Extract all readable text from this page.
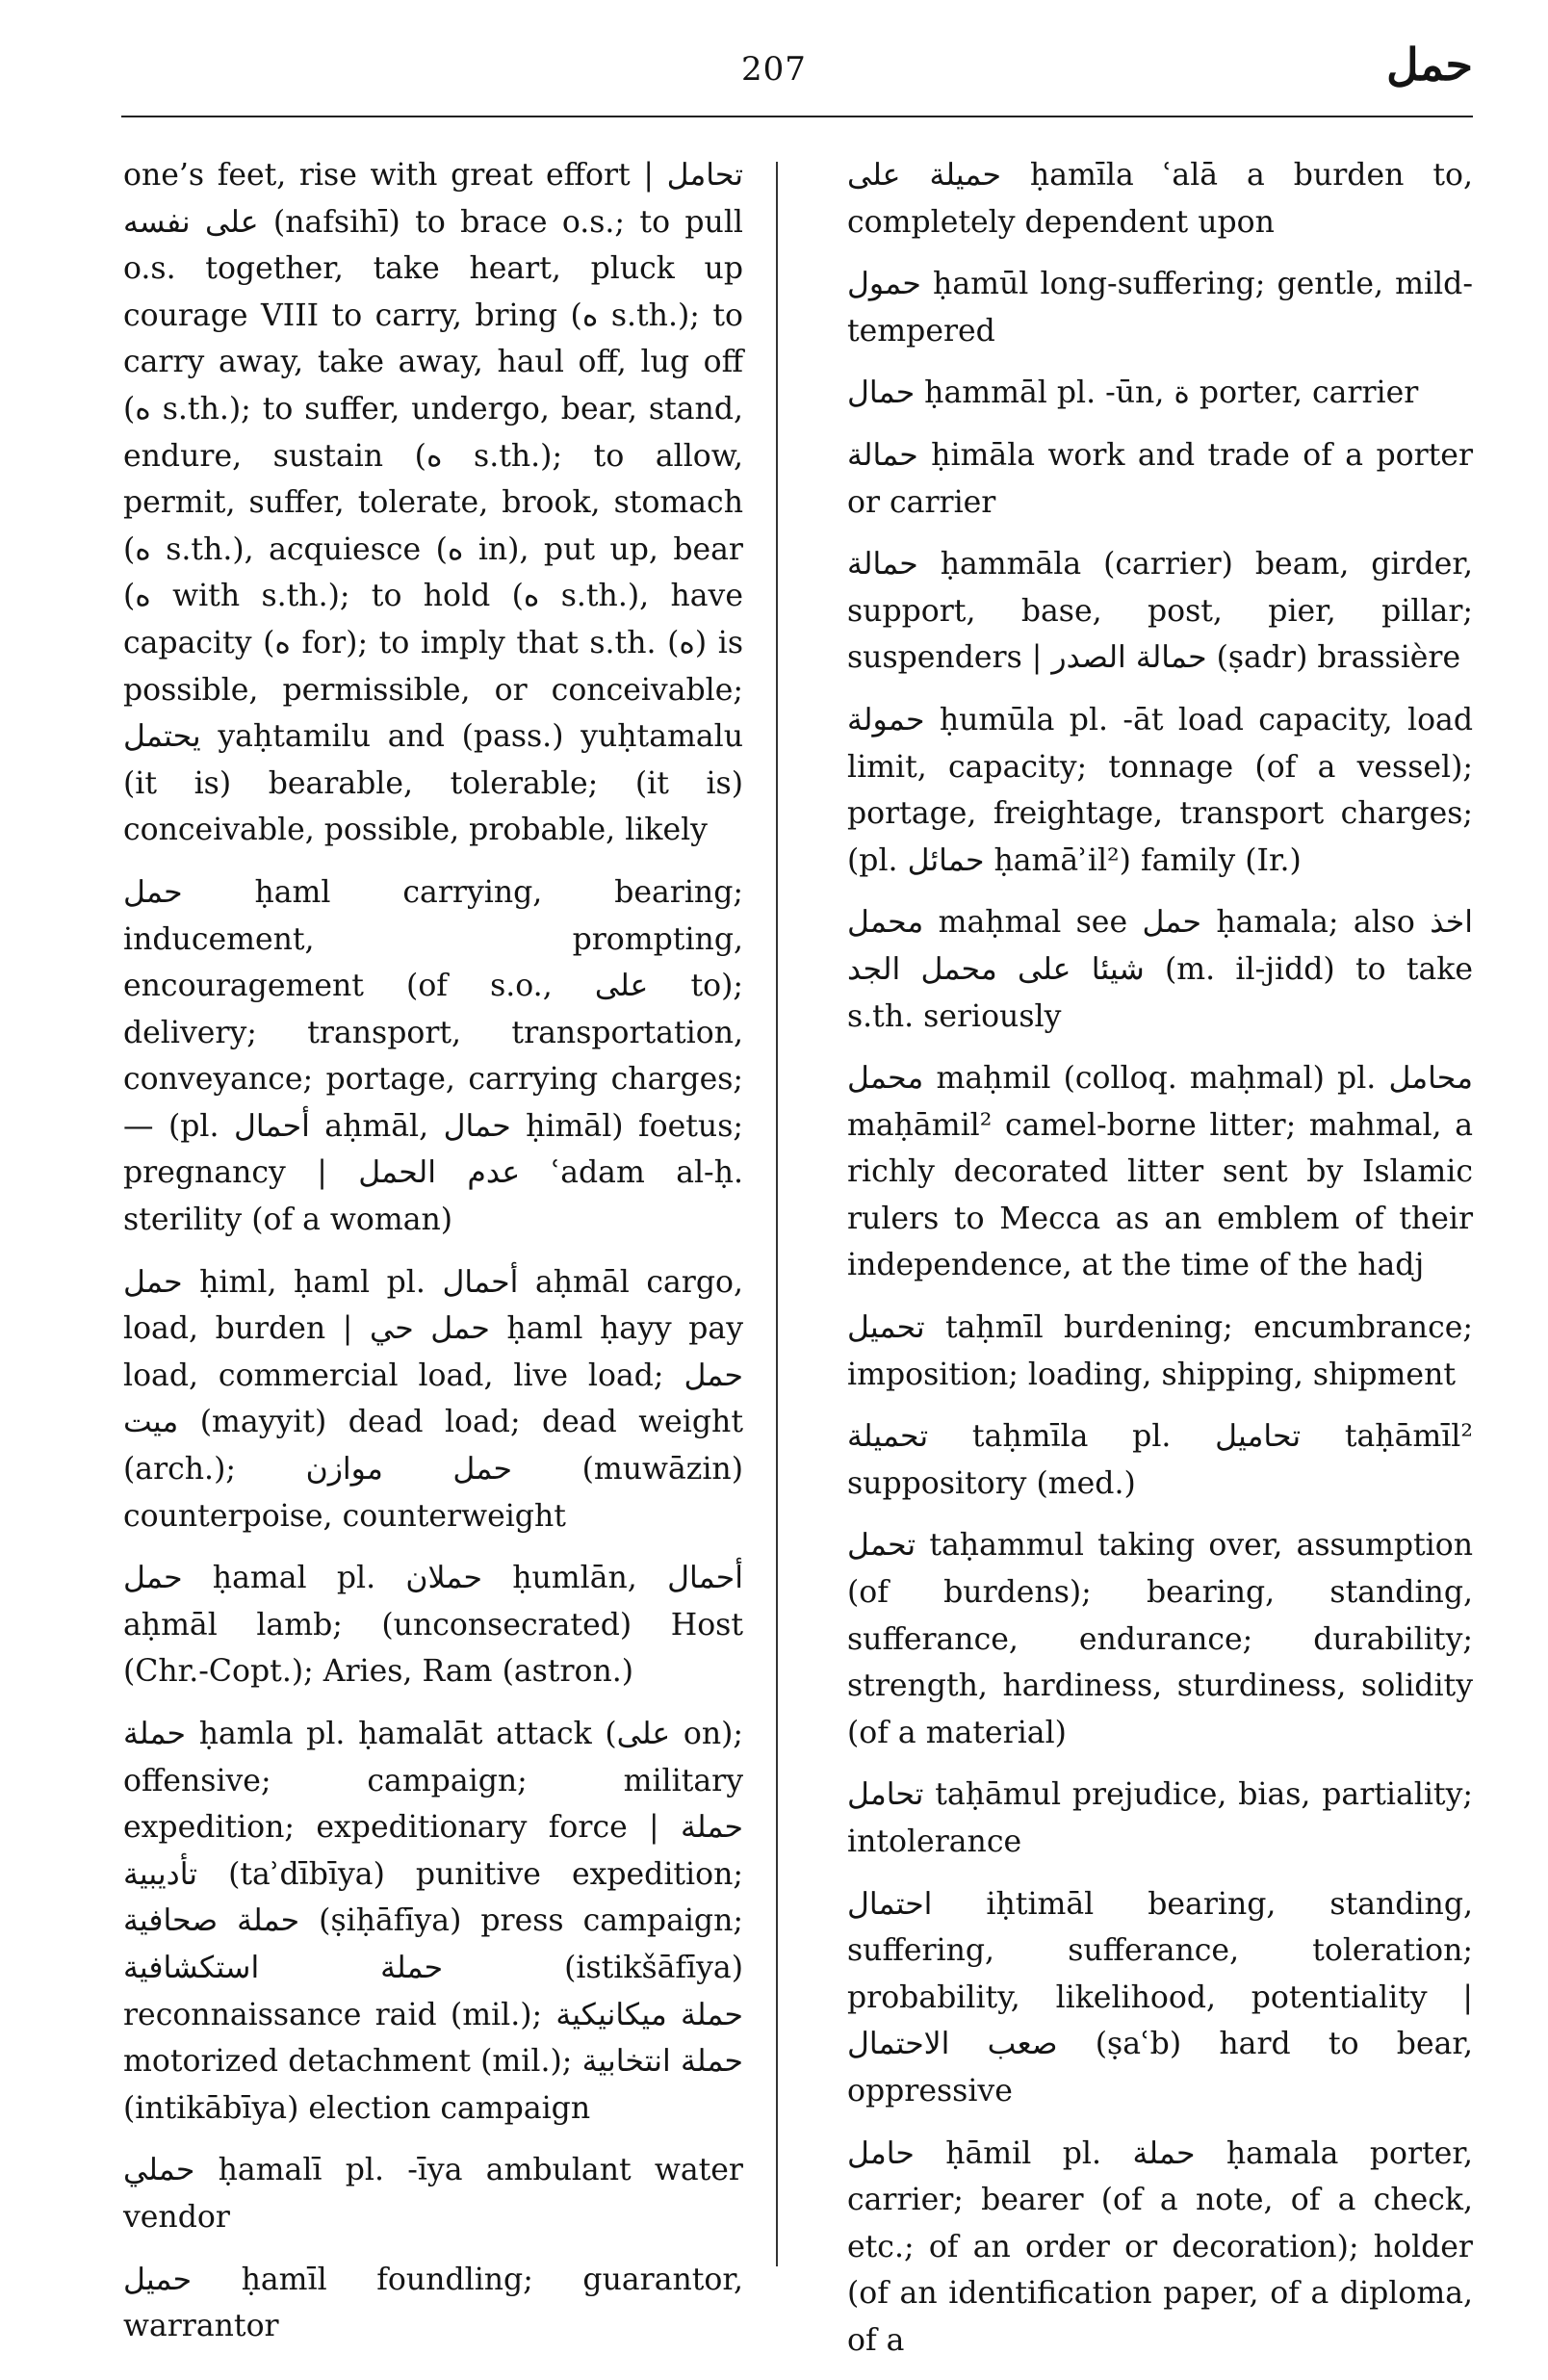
207	حمل

one’s feet, rise with great effort | تحامل على نفسه (nafsihī) to brace o.s.; to pull o.s. together, take heart, pluck up courage VIII to carry, bring (ه s.th.); to carry away, take away, haul off, lug off (ه s.th.); to suffer, undergo, bear, stand, endure, sustain (ه s.th.); to allow, permit, suffer, tolerate, brook, stomach (ه s.th.), acquiesce (ه in), put up, bear (ه with s.th.); to hold (ه s.th.), have capacity (ه for); to imply that s.th. (ه) is possible, permissible, or conceivable; يحتمل yaḥtamilu and (pass.) yuḥtamalu (it is) bearable, tolerable; (it is) conceivable, possible, probable, likely

حمل ḥaml carrying, bearing; inducement, prompting, encouragement (of s.o., على to); delivery; transport, transportation, conveyance; portage, carrying charges; — (pl. أحمال aḥmāl, حمال ḥimāl) foetus; pregnancy | عدم الحمل ʿadam al-ḥ. sterility (of a woman)

حمل ḥiml, ḥaml pl. أحمال aḥmāl cargo, load, burden | حمل حي ḥaml ḥayy pay load, commercial load, live load; حمل ميت (mayyit) dead load; dead weight (arch.); حمل موازن (muwāzin) counterpoise, counterweight

حمل ḥamal pl. حملان ḥumlān, أحمال aḥmāl lamb; (unconsecrated) Host (Chr.-Copt.); Aries, Ram (astron.)

حملة ḥamla pl. ḥamalāt attack (على on); offensive; campaign; military expedition; expeditionary force | حملة تأديبية (taʾdībīya) punitive expedition; حملة صحافية (ṣiḥāfīya) press campaign; حملة استكشافية (istikšāfīya) reconnaissance raid (mil.); حملة ميكانيكية motorized detachment (mil.); حملة انتخابية (intikābīya) election campaign

حملي ḥamalī pl. -īya ambulant water vendor

حميل ḥamīl foundling; guarantor, warrantor

حميلة على ḥamīla ʿalā a burden to, completely dependent upon

حمول ḥamūl long-suffering; gentle, mild-tempered

حمال ḥammāl pl. -ūn, ة porter, carrier

حمالة ḥimāla work and trade of a porter or carrier

حمالة ḥammāla (carrier) beam, girder, support, base, post, pier, pillar; suspenders | حمالة الصدر (ṣadr) brassière

حمولة ḥumūla pl. -āt load capacity, load limit, capacity; tonnage (of a vessel); portage, freightage, transport charges; (pl. حمائل ḥamāʾil²) family (Ir.)

محمل maḥmal see حمل ḥamala; also اخذ شيئا على محمل الجد (m. il-jidd) to take s.th. seriously

محمل maḥmil (colloq. maḥmal) pl. محامل maḥāmil² camel-borne litter; mahmal, a richly decorated litter sent by Islamic rulers to Mecca as an emblem of their independence, at the time of the hadj

تحميل taḥmīl burdening; encumbrance; imposition; loading, shipping, shipment

تحميلة taḥmīla pl. تحاميل taḥāmīl² suppository (med.)

تحمل taḥammul taking over, assumption (of burdens); bearing, standing, sufferance, endurance; durability; strength, hardiness, sturdiness, solidity (of a material)

تحامل taḥāmul prejudice, bias, partiality; intolerance

احتمال iḥtimāl bearing, standing, suffering, sufferance, toleration; probability, likelihood, potentiality | صعب الاحتمال (ṣaʿb) hard to bear, oppressive

حامل ḥāmil pl. حملة ḥamala porter, carrier; bearer (of a note, of a check, etc.; of an order or decoration); holder (of an identification paper, of a diploma, of a
